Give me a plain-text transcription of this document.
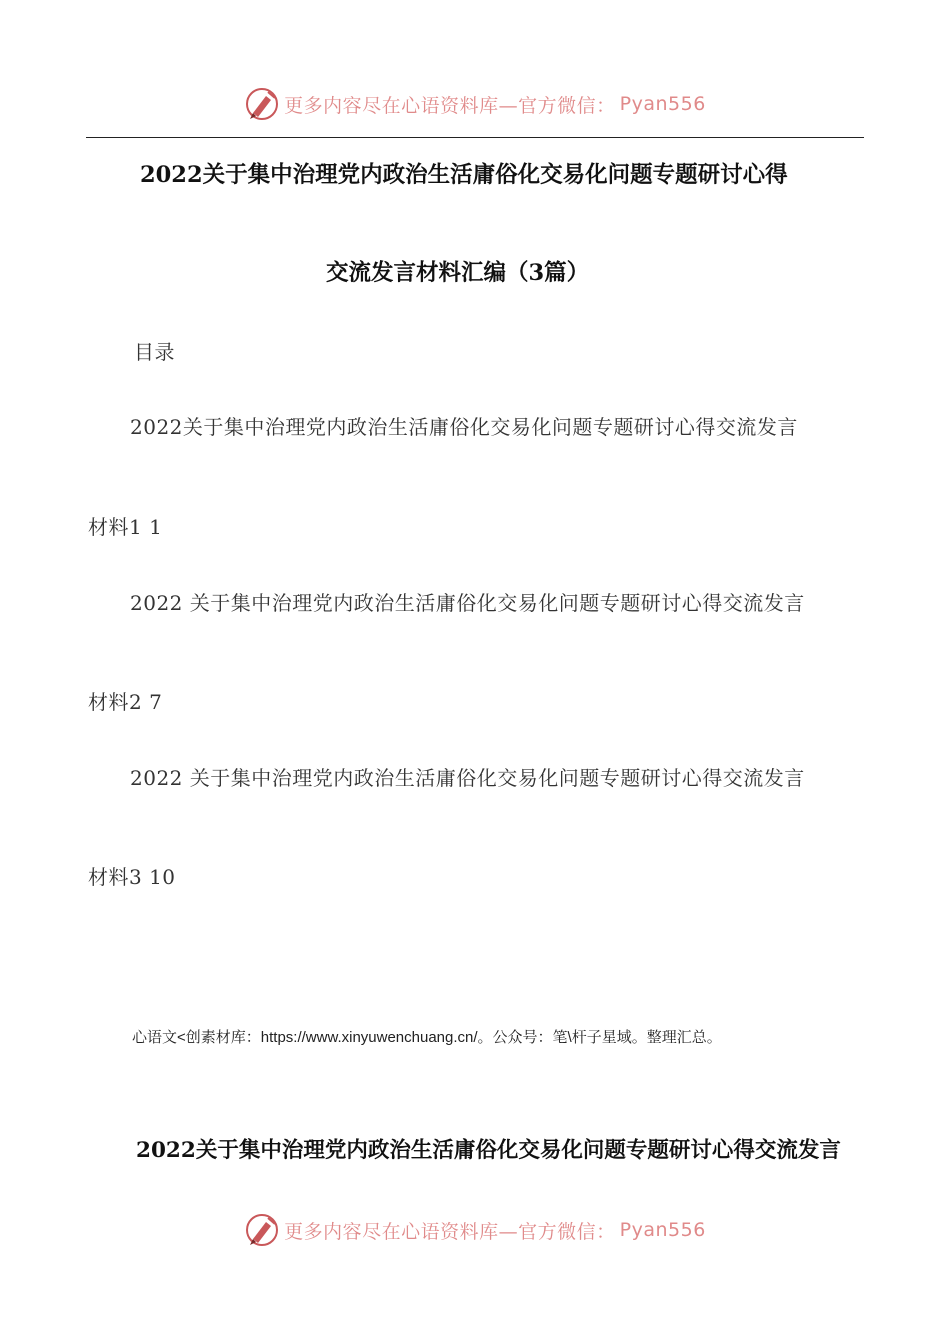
更多内容尽在心语资料库—官方微信： Pyan556
2022关于集中治理党内政治生活庸俗化交易化问题专题研讨心得
交流发言材料汇编（3篇）
目录
2022关于集中治理党内政治生活庸俗化交易化问题专题研讨心得交流发言
材料1 1
2022 关于集中治理党内政治生活庸俗化交易化问题专题研讨心得交流发言
材料2 7
2022 关于集中治理党内政治生活庸俗化交易化问题专题研讨心得交流发言
材料3 10
心语文<创素材库：https://www.xinyuwenchuang.cn/。公众号：笔\杆子星域。整理汇总。
2022关于集中治理党内政治生活庸俗化交易化问题专题研讨心得交流发言
更多内容尽在心语资料库—官方微信： Pyan556
